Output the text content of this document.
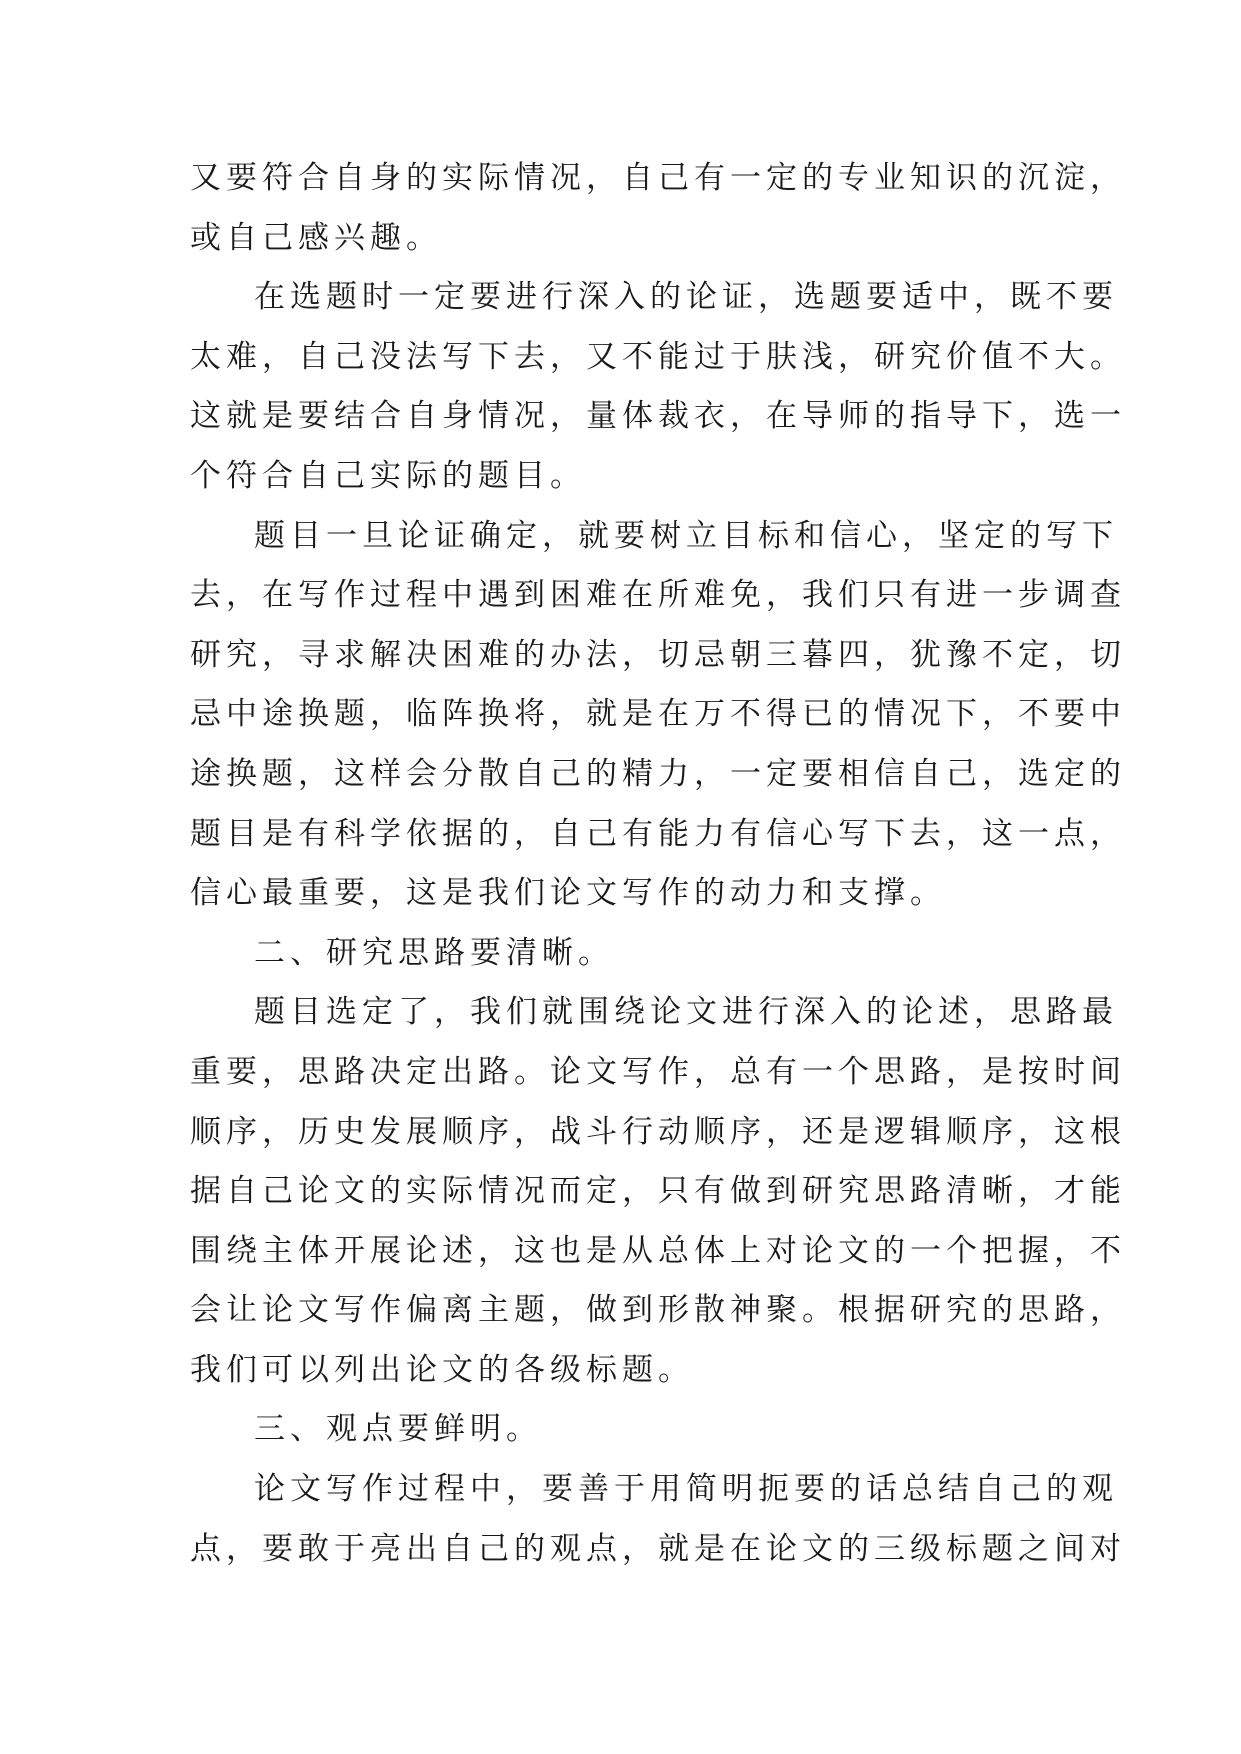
又要符合自身的实际情况，自己有一定的专业知识的沉淀，
或自己感兴趣。
在选题时一定要进行深入的论证，选题要适中，既不要
太难，自己没法写下去，又不能过于肤浅，研究价值不大。
这就是要结合自身情况，量体裁衣，在导师的指导下，选一
个符合自己实际的题目。
题目一旦论证确定，就要树立目标和信心，坚定的写下
去，在写作过程中遇到困难在所难免，我们只有进一步调查
研究，寻求解决困难的办法，切忌朝三暮四，犹豫不定，切
忌中途换题，临阵换将，就是在万不得已的情况下，不要中
途换题，这样会分散自己的精力，一定要相信自己，选定的
题目是有科学依据的，自己有能力有信心写下去，这一点，
信心最重要，这是我们论文写作的动力和支撑。
二、研究思路要清晰。
题目选定了，我们就围绕论文进行深入的论述，思路最
重要，思路决定出路。论文写作，总有一个思路，是按时间
顺序，历史发展顺序，战斗行动顺序，还是逻辑顺序，这根
据自己论文的实际情况而定，只有做到研究思路清晰，才能
围绕主体开展论述，这也是从总体上对论文的一个把握，不
会让论文写作偏离主题，做到形散神聚。根据研究的思路，
我们可以列出论文的各级标题。
三、观点要鲜明。
论文写作过程中，要善于用简明扼要的话总结自己的观
点，要敢于亮出自己的观点，就是在论文的三级标题之间对
